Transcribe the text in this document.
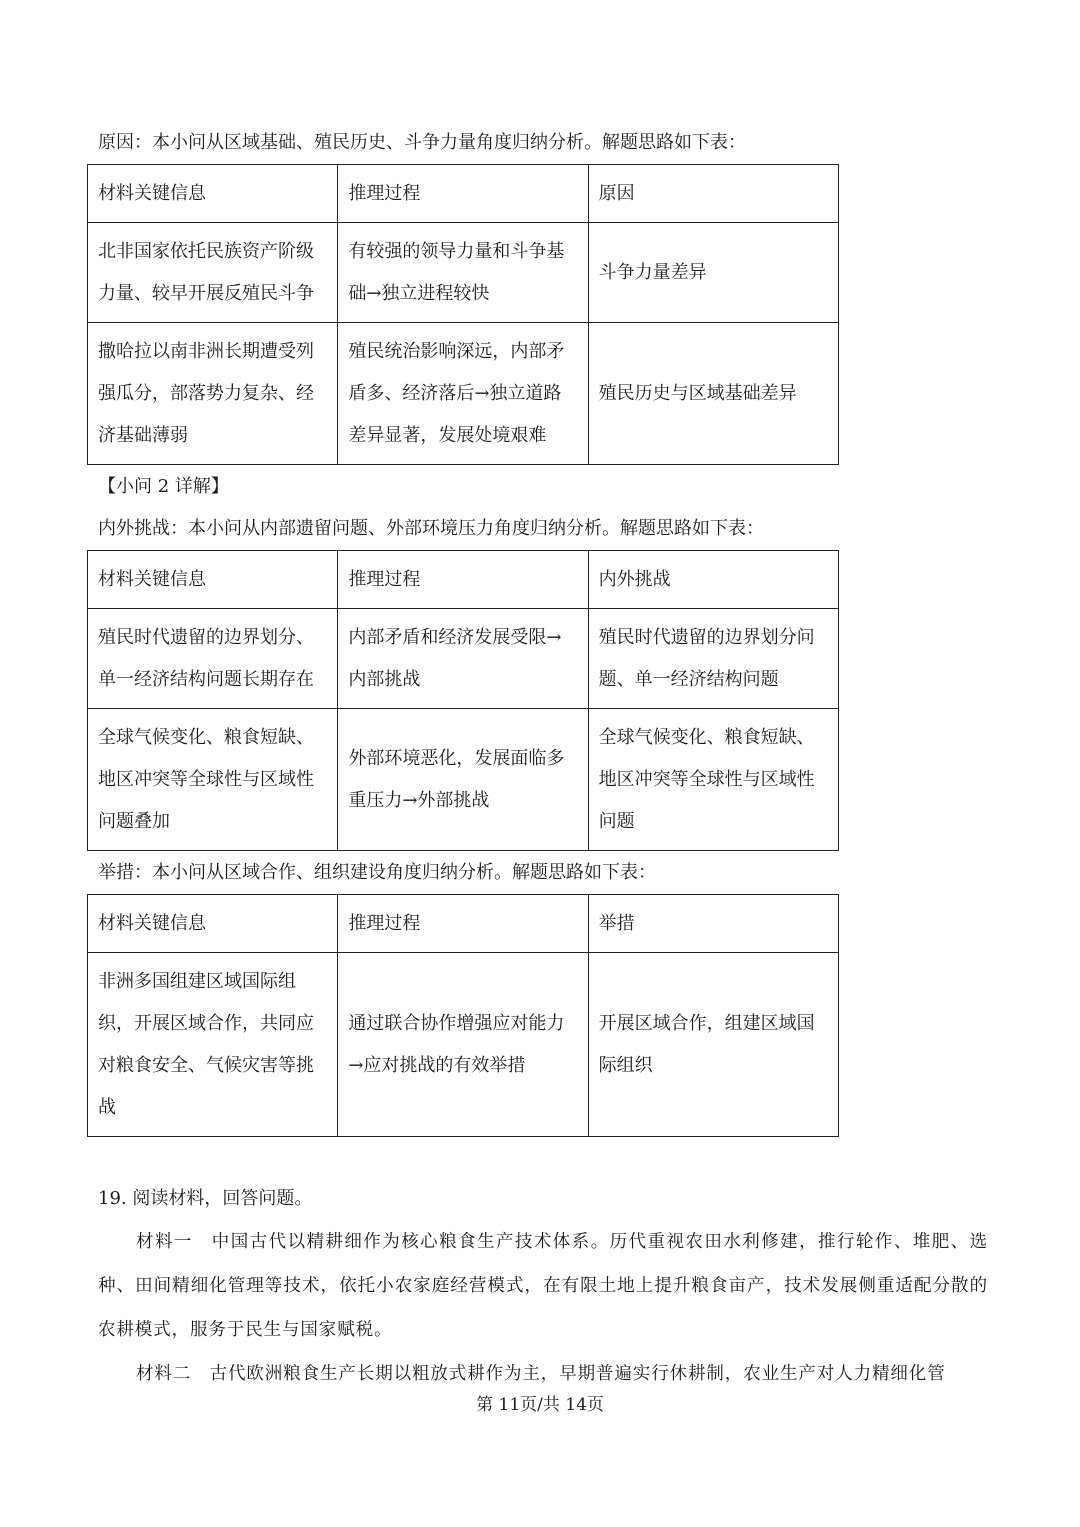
原因：本小问从区域基础、殖民历史、斗争力量角度归纳分析。解题思路如下表：
材料关键信息	推理过程	原因
北非国家依托民族资产阶级力量、较早开展反殖民斗争	有较强的领导力量和斗争基础→独立进程较快	斗争力量差异
撒哈拉以南非洲长期遭受列强瓜分，部落势力复杂、经济基础薄弱	殖民统治影响深远，内部矛盾多、经济落后→独立道路差异显著，发展处境艰难	殖民历史与区域基础差异
【小问 2 详解】
内外挑战：本小问从内部遗留问题、外部环境压力角度归纳分析。解题思路如下表：
材料关键信息	推理过程	内外挑战
殖民时代遗留的边界划分、单一经济结构问题长期存在	内部矛盾和经济发展受限→内部挑战	殖民时代遗留的边界划分问题、单一经济结构问题
全球气候变化、粮食短缺、地区冲突等全球性与区域性问题叠加	外部环境恶化，发展面临多重压力→外部挑战	全球气候变化、粮食短缺、地区冲突等全球性与区域性问题
举措：本小问从区域合作、组织建设角度归纳分析。解题思路如下表：
材料关键信息	推理过程	举措
非洲多国组建区域国际组织，开展区域合作，共同应对粮食安全、气候灾害等挑战	通过联合协作增强应对能力→应对挑战的有效举措	开展区域合作，组建区域国际组织
19. 阅读材料，回答问题。
材料一　中国古代以精耕细作为核心粮食生产技术体系。历代重视农田水利修建，推行轮作、堆肥、选种、田间精细化管理等技术，依托小农家庭经营模式，在有限土地上提升粮食亩产，技术发展侧重适配分散的农耕模式，服务于民生与国家赋税。
材料二　古代欧洲粮食生产长期以粗放式耕作为主，早期普遍实行休耕制，农业生产对人力精细化管
第 11页/共 14页
